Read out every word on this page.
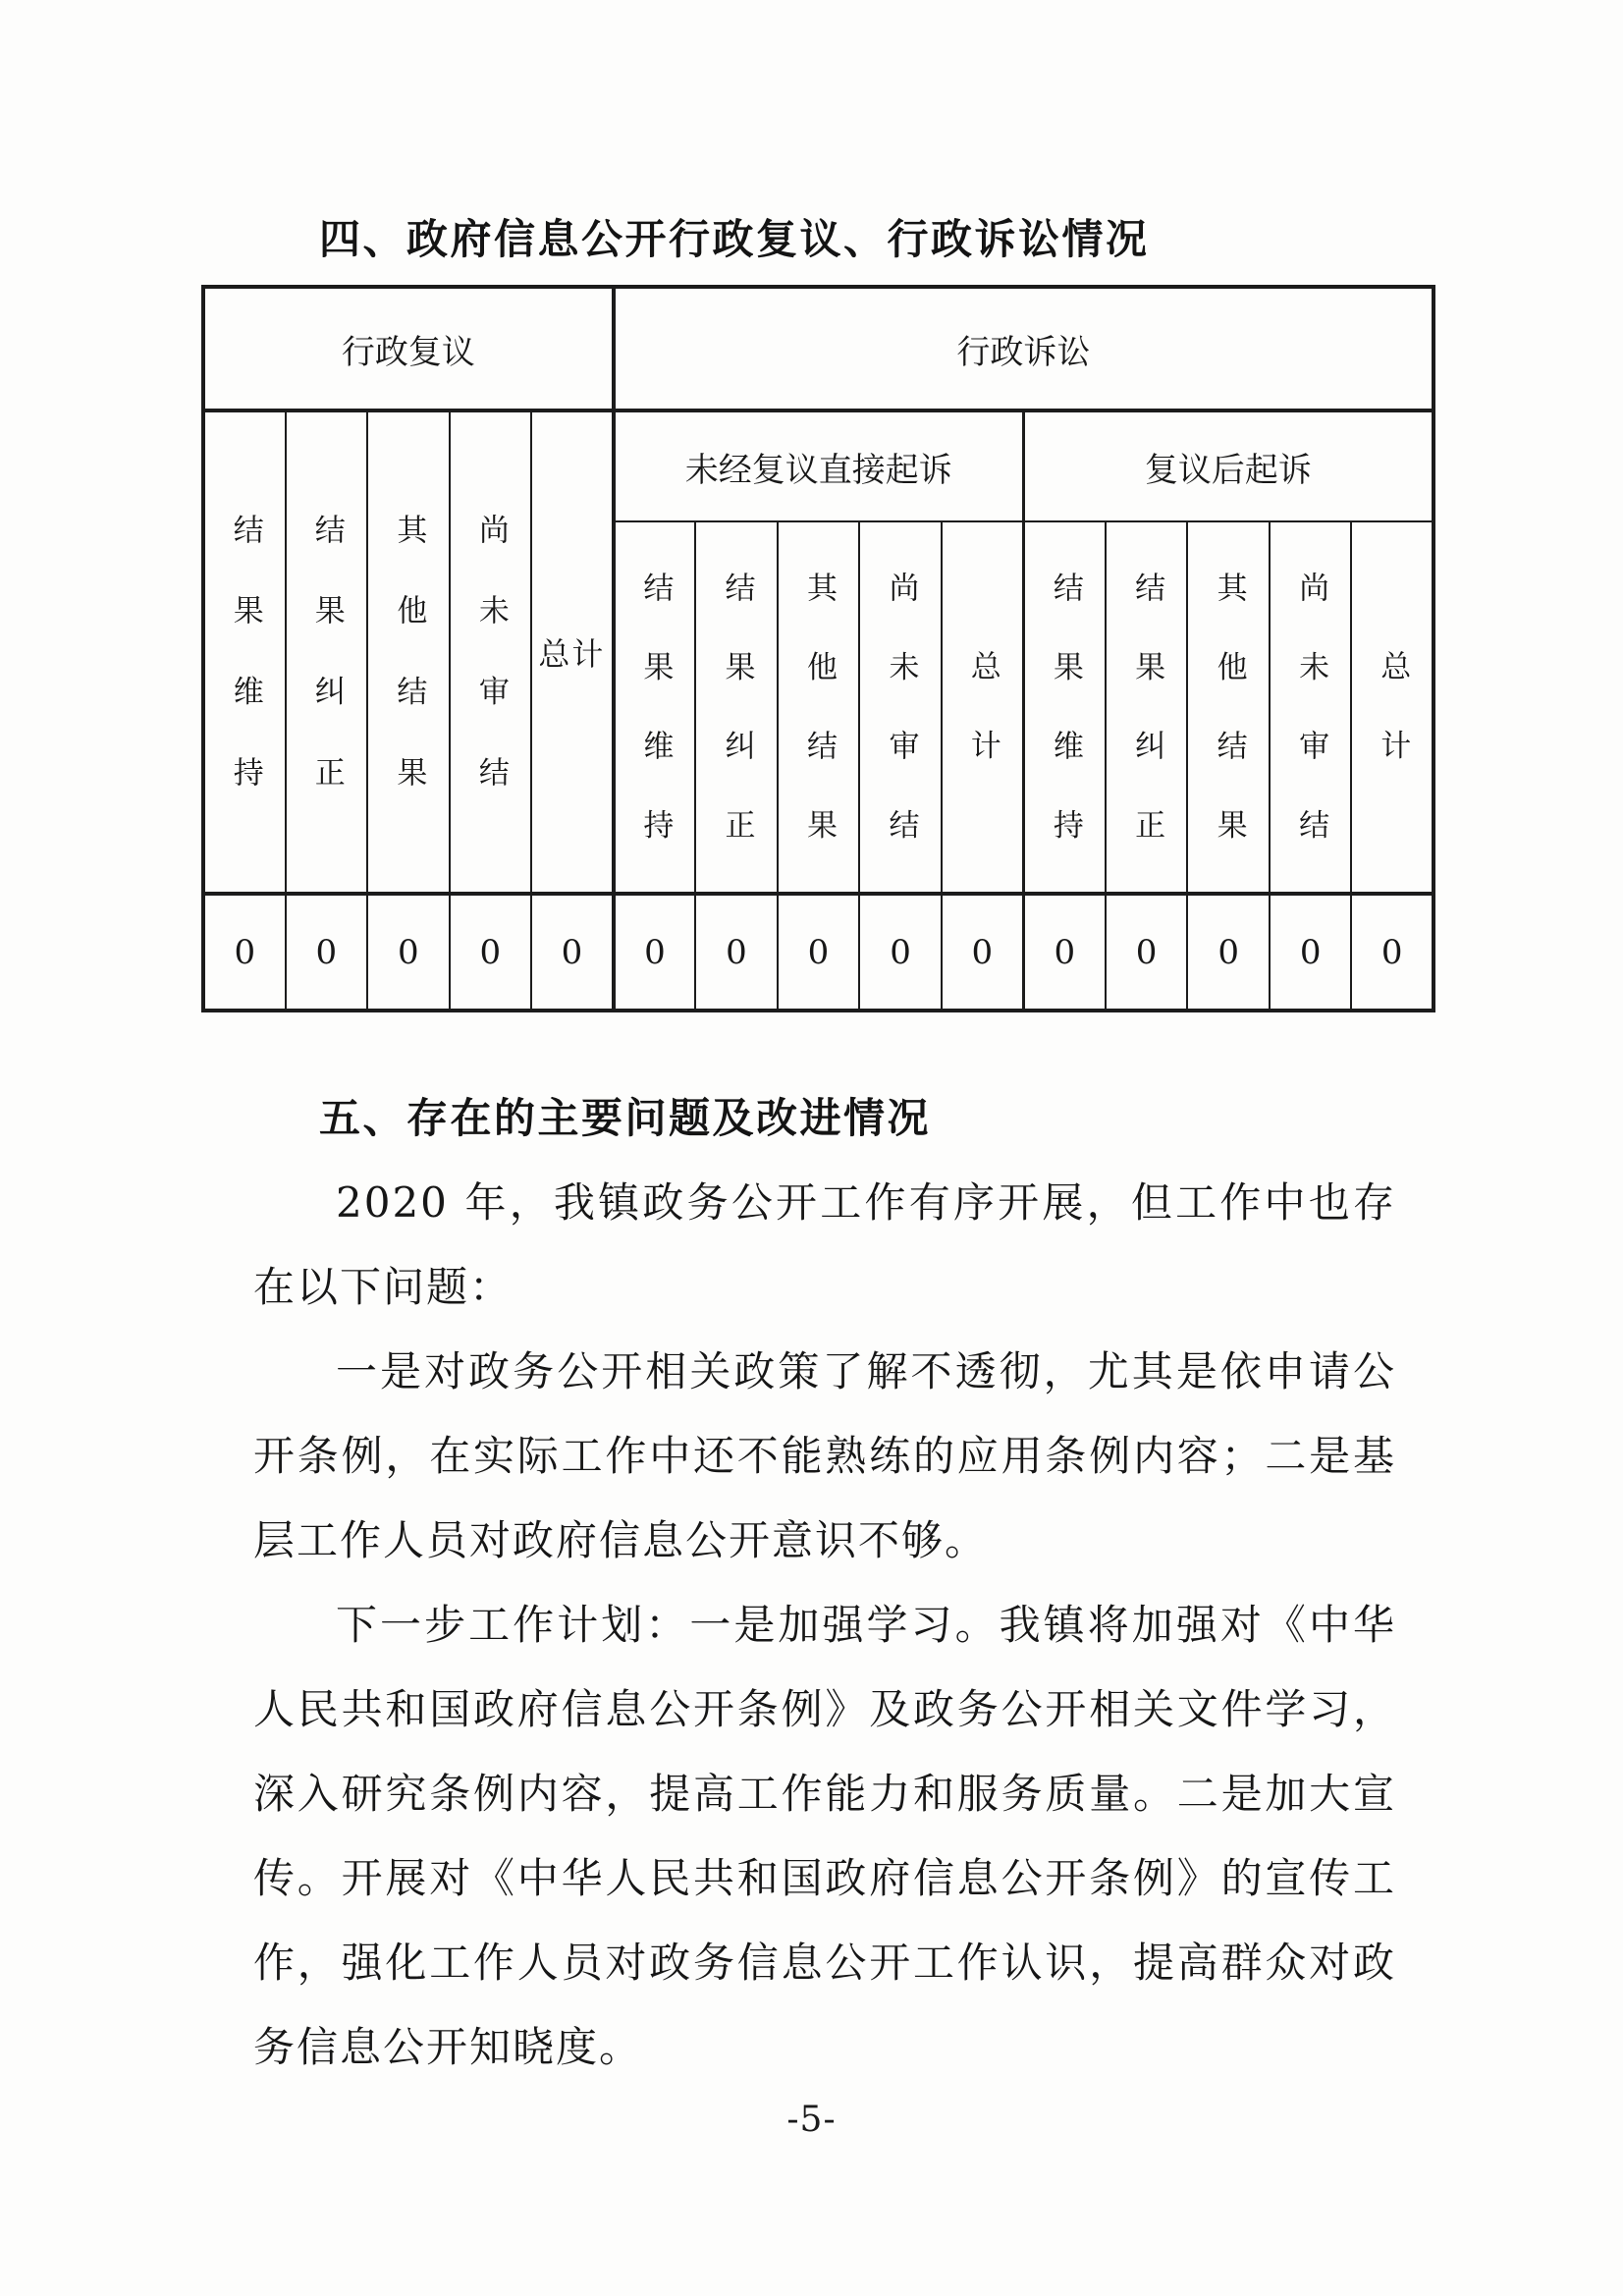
四、政府信息公开行政复议、行政诉讼情况
行政复议					行政诉讼									
结果维持	结果纠正	其他结果	尚未审结	总计	未经复议直接起诉					复议后起诉				
					结果维持	结果纠正	其他结果	尚未审结	总计	结果维持	结果纠正	其他结果	尚未审结	总计
0	0	0	0	0	0	0	0	0	0	0	0	0	0	0
五、存在的主要问题及改进情况

2020 年，我镇政务公开工作有序开展，但工作中也存在以下问题：

一是对政务公开相关政策了解不透彻，尤其是依申请公开条例，在实际工作中还不能熟练的应用条例内容；二是基层工作人员对政府信息公开意识不够。

下一步工作计划：一是加强学习。我镇将加强对《中华人民共和国政府信息公开条例》及政务公开相关文件学习，深入研究条例内容，提高工作能力和服务质量。二是加大宣传。开展对《中华人民共和国政府信息公开条例》的宣传工作，强化工作人员对政务信息公开工作认识，提高群众对政务信息公开知晓度。

-5-
